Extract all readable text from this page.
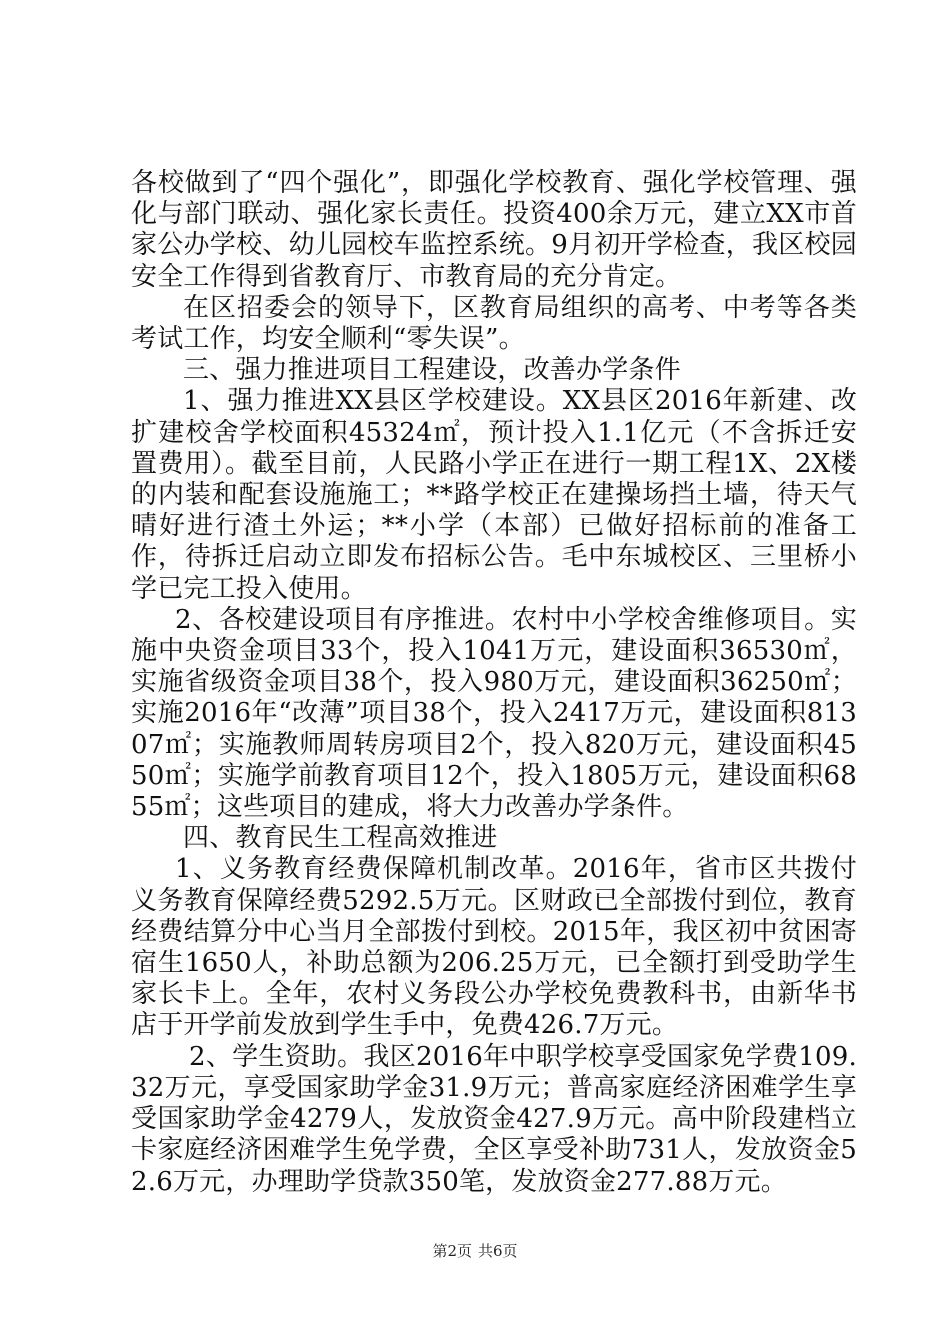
各校做到了“四个强化”，即强化学校教育、强化学校管理、强化与部门联动、强化家长责任。投资400余万元，建立XX市首家公办学校、幼儿园校车监控系统。9月初开学检查，我区校园安全工作得到省教育厅、市教育局的充分肯定。

在区招委会的领导下，区教育局组织的高考、中考等各类考试工作，均安全顺利“零失误”。

三、强力推进项目工程建设，改善办学条件

1、强力推进XX县区学校建设。XX县区2016年新建、改扩建校舍学校面积45324㎡，预计投入1.1亿元（不含拆迁安置费用）。截至目前，人民路小学正在进行一期工程1X、2X楼的内装和配套设施施工；**路学校正在建操场挡土墙，待天气晴好进行渣土外运；**小学（本部）已做好招标前的准备工作，待拆迁启动立即发布招标公告。毛中东城校区、三里桥小学已完工投入使用。

2、各校建设项目有序推进。农村中小学校舍维修项目。实施中央资金项目33个，投入1041万元，建设面积36530㎡，实施省级资金项目38个，投入980万元，建设面积36250㎡；实施2016年“改薄”项目38个，投入2417万元，建设面积81307㎡；实施教师周转房项目2个，投入820万元，建设面积4550㎡；实施学前教育项目12个，投入1805万元，建设面积6855㎡；这些项目的建成，将大力改善办学条件。

四、教育民生工程高效推进

1、义务教育经费保障机制改革。2016年，省市区共拨付义务教育保障经费5292.5万元。区财政已全部拨付到位，教育经费结算分中心当月全部拨付到校。2015年，我区初中贫困寄宿生1650人，补助总额为206.25万元，已全额打到受助学生家长卡上。全年，农村义务段公办学校免费教科书，由新华书店于开学前发放到学生手中，免费426.7万元。

2、学生资助。我区2016年中职学校享受国家免学费109.32万元，享受国家助学金31.9万元；普高家庭经济困难学生享受国家助学金4279人，发放资金427.9万元。高中阶段建档立卡家庭经济困难学生免学费，全区享受补助731人，发放资金52.6万元，办理助学贷款350笔，发放资金277.88万元。

第2页 共6页
